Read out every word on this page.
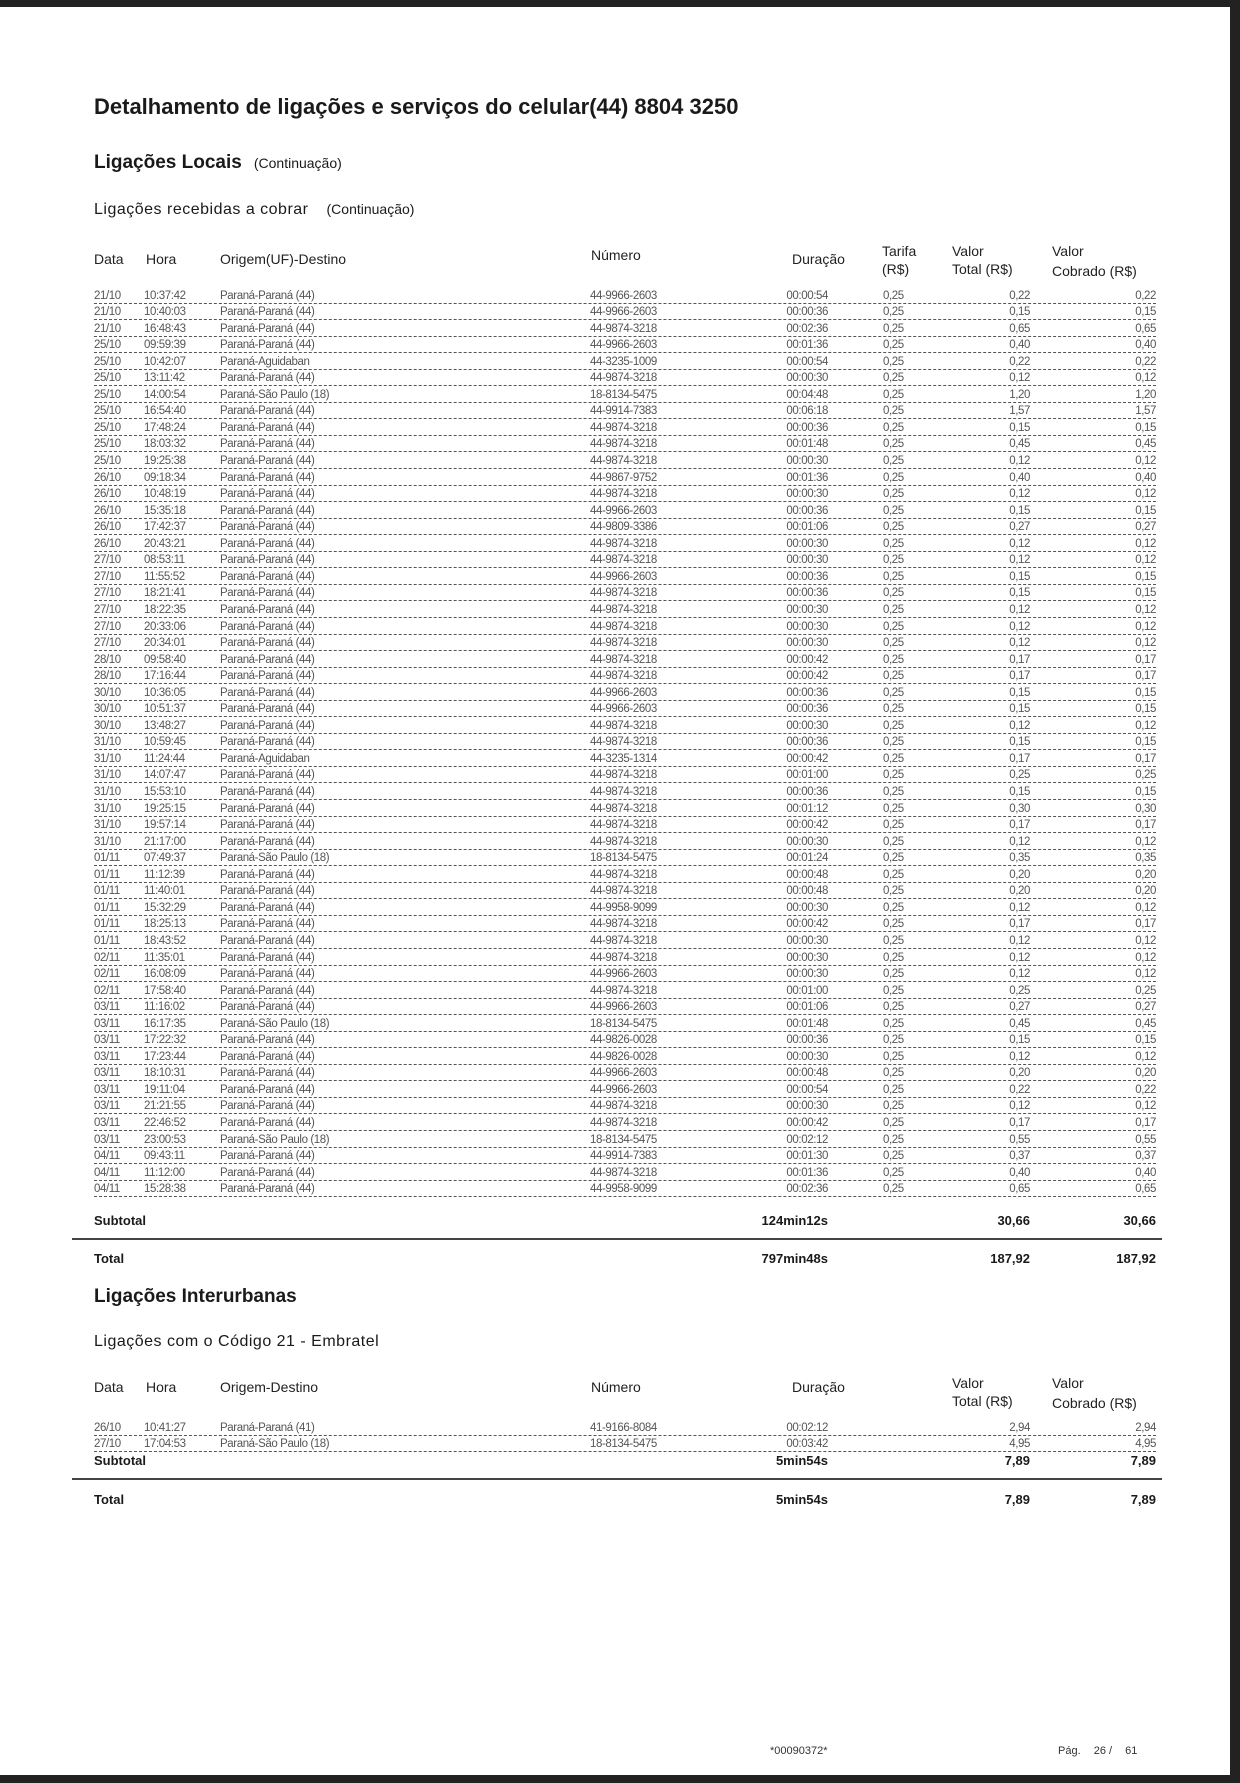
Detalhamento de ligações e serviços do celular(44) 8804 3250
Ligações Locais (Continuação)
Ligações recebidas a cobrar (Continuação)
Data Hora	Origem(UF)-Destino	Número	Duração	Tarifa
(R$)
Valor
Total (R$)
Valor
Cobrado (R$)
21/10 10:37:42	Paraná-Paraná (44)	44-9966-2603	00:00:54	0,25	0,22	0,22
21/10 10:40:03	Paraná-Paraná (44)	44-9966-2603	00:00:36	0,25	0,15	0,15
21/10 16:48:43	Paraná-Paraná (44)	44-9874-3218	00:02:36	0,25	0,65	0,65
25/10 09:59:39	Paraná-Paraná (44)	44-9966-2603	00:01:36	0,25	0,40	0,40
25/10 10:42:07	Paraná-Aguidaban	44-3235-1009	00:00:54	0,25	0,22	0,22
25/10 13:11:42	Paraná-Paraná (44)	44-9874-3218	00:00:30	0,25	0,12	0,12
25/10 14:00:54	Paraná-São Paulo (18)	18-8134-5475	00:04:48	0,25	1,20	1,20
25/10 16:54:40	Paraná-Paraná (44)	44-9914-7383	00:06:18	0,25	1,57	1,57
25/10 17:48:24	Paraná-Paraná (44)	44-9874-3218	00:00:36	0,25	0,15	0,15
25/10 18:03:32	Paraná-Paraná (44)	44-9874-3218	00:01:48	0,25	0,45	0,45
25/10 19:25:38	Paraná-Paraná (44)	44-9874-3218	00:00:30	0,25	0,12	0,12
26/10 09:18:34	Paraná-Paraná (44)	44-9867-9752	00:01:36	0,25	0,40	0,40
26/10 10:48:19	Paraná-Paraná (44)	44-9874-3218	00:00:30	0,25	0,12	0,12
26/10 15:35:18	Paraná-Paraná (44)	44-9966-2603	00:00:36	0,25	0,15	0,15
26/10 17:42:37	Paraná-Paraná (44)	44-9809-3386	00:01:06	0,25	0,27	0,27
26/10 20:43:21	Paraná-Paraná (44)	44-9874-3218	00:00:30	0,25	0,12	0,12
27/10 08:53:11	Paraná-Paraná (44)	44-9874-3218	00:00:30	0,25	0,12	0,12
27/10 11:55:52	Paraná-Paraná (44)	44-9966-2603	00:00:36	0,25	0,15	0,15
27/10 18:21:41	Paraná-Paraná (44)	44-9874-3218	00:00:36	0,25	0,15	0,15
27/10 18:22:35	Paraná-Paraná (44)	44-9874-3218	00:00:30	0,25	0,12	0,12
27/10 20:33:06	Paraná-Paraná (44)	44-9874-3218	00:00:30	0,25	0,12	0,12
27/10 20:34:01	Paraná-Paraná (44)	44-9874-3218	00:00:30	0,25	0,12	0,12
28/10 09:58:40	Paraná-Paraná (44)	44-9874-3218	00:00:42	0,25	0,17	0,17
28/10 17:16:44	Paraná-Paraná (44)	44-9874-3218	00:00:42	0,25	0,17	0,17
30/10 10:36:05	Paraná-Paraná (44)	44-9966-2603	00:00:36	0,25	0,15	0,15
30/10 10:51:37	Paraná-Paraná (44)	44-9966-2603	00:00:36	0,25	0,15	0,15
30/10 13:48:27	Paraná-Paraná (44)	44-9874-3218	00:00:30	0,25	0,12	0,12
31/10 10:59:45	Paraná-Paraná (44)	44-9874-3218	00:00:36	0,25	0,15	0,15
31/10 11:24:44	Paraná-Aguidaban	44-3235-1314	00:00:42	0,25	0,17	0,17
31/10 14:07:47	Paraná-Paraná (44)	44-9874-3218	00:01:00	0,25	0,25	0,25
31/10 15:53:10	Paraná-Paraná (44)	44-9874-3218	00:00:36	0,25	0,15	0,15
31/10 19:25:15	Paraná-Paraná (44)	44-9874-3218	00:01:12	0,25	0,30	0,30
31/10 19:57:14	Paraná-Paraná (44)	44-9874-3218	00:00:42	0,25	0,17	0,17
31/10 21:17:00	Paraná-Paraná (44)	44-9874-3218	00:00:30	0,25	0,12	0,12
01/11 07:49:37	Paraná-São Paulo (18)	18-8134-5475	00:01:24	0,25	0,35	0,35
01/11 11:12:39	Paraná-Paraná (44)	44-9874-3218	00:00:48	0,25	0,20	0,20
01/11 11:40:01	Paraná-Paraná (44)	44-9874-3218	00:00:48	0,25	0,20	0,20
01/11 15:32:29	Paraná-Paraná (44)	44-9958-9099	00:00:30	0,25	0,12	0,12
01/11 18:25:13	Paraná-Paraná (44)	44-9874-3218	00:00:42	0,25	0,17	0,17
01/11 18:43:52	Paraná-Paraná (44)	44-9874-3218	00:00:30	0,25	0,12	0,12
02/11 11:35:01	Paraná-Paraná (44)	44-9874-3218	00:00:30	0,25	0,12	0,12
02/11 16:08:09	Paraná-Paraná (44)	44-9966-2603	00:00:30	0,25	0,12	0,12
02/11 17:58:40	Paraná-Paraná (44)	44-9874-3218	00:01:00	0,25	0,25	0,25
03/11 11:16:02	Paraná-Paraná (44)	44-9966-2603	00:01:06	0,25	0,27	0,27
03/11 16:17:35	Paraná-São Paulo (18)	18-8134-5475	00:01:48	0,25	0,45	0,45
03/11 17:22:32	Paraná-Paraná (44)	44-9826-0028	00:00:36	0,25	0,15	0,15
03/11 17:23:44	Paraná-Paraná (44)	44-9826-0028	00:00:30	0,25	0,12	0,12
03/11 18:10:31	Paraná-Paraná (44)	44-9966-2603	00:00:48	0,25	0,20	0,20
03/11 19:11:04	Paraná-Paraná (44)	44-9966-2603	00:00:54	0,25	0,22	0,22
03/11 21:21:55	Paraná-Paraná (44)	44-9874-3218	00:00:30	0,25	0,12	0,12
03/11 22:46:52	Paraná-Paraná (44)	44-9874-3218	00:00:42	0,25	0,17	0,17
03/11 23:00:53	Paraná-São Paulo (18)	18-8134-5475	00:02:12	0,25	0,55	0,55
04/11 09:43:11	Paraná-Paraná (44)	44-9914-7383	00:01:30	0,25	0,37	0,37
04/11 11:12:00	Paraná-Paraná (44)	44-9874-3218	00:01:36	0,25	0,40	0,40
04/11 15:28:38	Paraná-Paraná (44)	44-9958-9099	00:02:36	0,25	0,65	0,65
Subtotal	124min12s	30,66	30,66
Total	797min48s	187,92	187,92
Ligações Interurbanas
Ligações com o Código 21 - Embratel
Data Hora	Origem-Destino	Número	Duração	Valor
Total (R$)
Valor
Cobrado (R$)
26/10 10:41:27	Paraná-Paraná (41)	41-9166-8084	00:02:12	2,94	2,94
27/10 17:04:53	Paraná-São Paulo (18)	18-8134-5475	00:03:42	4,95	4,95
Subtotal	5min54s	7,89	7,89
Total	5min54s	7,89	7,89
*00090372*	Pág. 26 / 61
